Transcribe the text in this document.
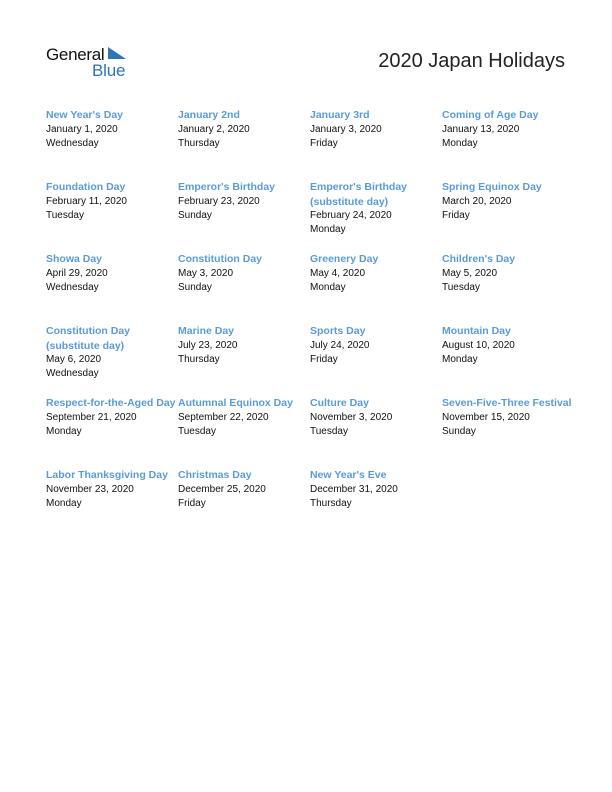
General
Blue	2020 Japan Holidays
New Year's Day
January 1, 2020
Wednesday
January 2nd
January 2, 2020
Thursday
January 3rd
January 3, 2020
Friday
Coming of Age Day
January 13, 2020
Monday
Foundation Day
February 11, 2020
Tuesday
Emperor's Birthday
February 23, 2020
Sunday
Emperor's Birthday (substitute day)
February 24, 2020
Monday
Spring Equinox Day
March 20, 2020
Friday
Showa Day
April 29, 2020
Wednesday
Constitution Day
May 3, 2020
Sunday
Greenery Day
May 4, 2020
Monday
Children's Day
May 5, 2020
Tuesday
Constitution Day (substitute day)
May 6, 2020
Wednesday
Marine Day
July 23, 2020
Thursday
Sports Day
July 24, 2020
Friday
Mountain Day
August 10, 2020
Monday
Respect-for-the-Aged Day
September 21, 2020
Monday
Autumnal Equinox Day
September 22, 2020
Tuesday
Culture Day
November 3, 2020
Tuesday
Seven-Five-Three Festival
November 15, 2020
Sunday
Labor Thanksgiving Day
November 23, 2020
Monday
Christmas Day
December 25, 2020
Friday
New Year's Eve
December 31, 2020
Thursday
